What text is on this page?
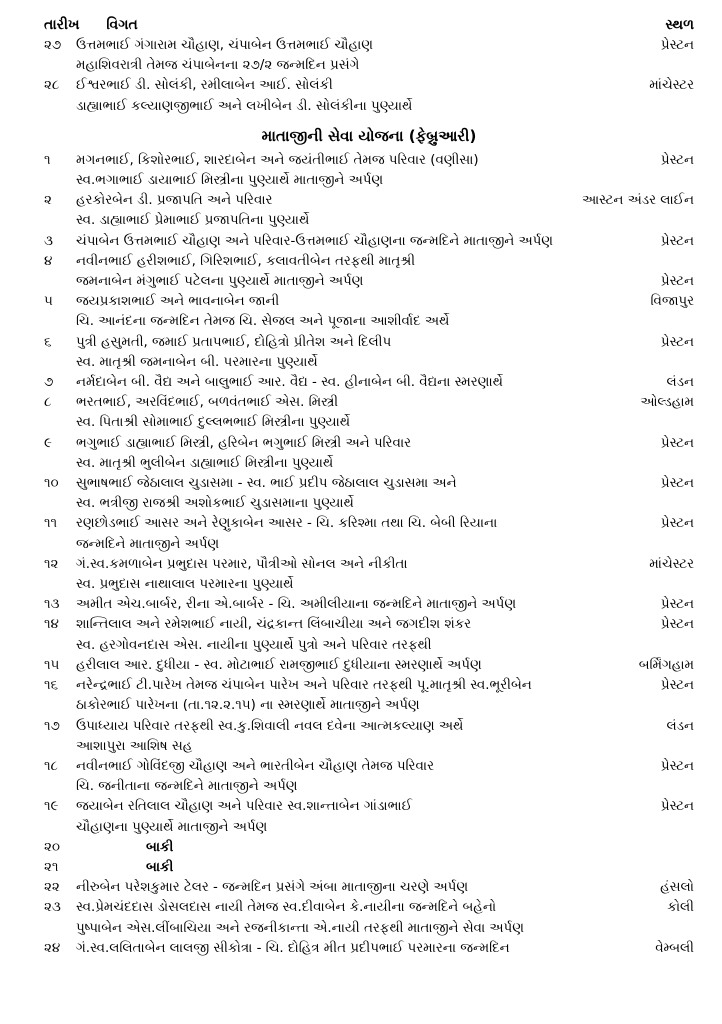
તારીખ વિગત	સ્થળ
૨૭	ઉત્તમભાઈ ગંગારામ ચૌહાણ, ચંપાબેન ઉત્તમભાઈ ચૌહાણ	પ્રેસ્ટન
મહાશિવરાત્રી તેમજ ચંપાબેનના ૨૭/૨ જન્મદિન પ્રસંગે
૨૮	ઈશ્વરભાઈ ડી. સોલંકી, રમીલાબેન આઈ. સોલંકી	માંચેસ્ટર
ડાહ્યાભાઈ કલ્યાણજીભાઈ અને લખીબેન ડી. સોલંકીના પુણ્યાર્થે
માતાજીની સેવા યોજના (ફેબ્રુઆરી)
૧	મગનભાઈ, કિશોરભાઈ, શારદાબેન અને જયંતીભાઈ તેમજ પરિવાર (વણીસા)	પ્રેસ્ટન
સ્વ.ભગાભાઈ ડાયાભાઈ મિસ્ત્રીના પુણ્યાર્થે માતાજીને અર્પણ
૨	હરકોરબેન ડી. પ્રજાપતિ અને પરિવાર	આસ્ટન અંડર લાઈન
સ્વ. ડાહ્યાભાઈ પ્રેમાભાઈ પ્રજાપતિના પુણ્યાર્થે
૩	ચંપાબેન ઉત્તમભાઈ ચૌહાણ અને પરિવાર-ઉત્તમભાઈ ચૌહાણના જન્મદિને માતાજીને અર્પણ	પ્રેસ્ટન
૪	નવીનભાઈ હરીશભાઈ, ગિરિશભાઈ, કલાવતીબેન તરફથી માતૃશ્રી
જમનાબેન મંગુભાઈ પટેલના પુણ્યાર્થે માતાજીને અર્પણ	પ્રેસ્ટન
૫	જયપ્રકાશભાઈ અને ભાવનાબેન જાની	વિજાપુર
ચિ. આનંદના જન્મદિન તેમજ ચિ. સેજલ અને પૂજાના આશીર્વાદ અર્થે
૬	પુત્રી હસુમતી, જમાઈ પ્રતાપભાઈ, દોહિત્રો પ્રીતેશ અને દિલીપ	પ્રેસ્ટન
સ્વ. માતૃશ્રી જમનાબેન બી. પરમારના પુણ્યાર્થે
૭	નર્મદાબેન બી. વૈદ્ય અને બાલુભાઈ આર. વૈદ્ય - સ્વ. હીનાબેન બી. વૈદ્યના સ્મરણાર્થે	લંડન
૮	ભરતભાઈ, અરવિંદભાઈ, બળવંતભાઈ એસ. મિસ્ત્રી	ઓલ્ડહામ
સ્વ. પિતાશ્રી સોમાભાઈ દુલ્લભભાઈ મિસ્ત્રીના પુણ્યાર્થે
૯	ભગુભાઈ ડાહ્યાભાઈ મિસ્ત્રી, હરિબેન ભગુભાઈ મિસ્ત્રી અને પરિવાર	પ્રેસ્ટન
સ્વ. માતૃશ્રી ભુલીબેન ડાહ્યાભાઈ મિસ્ત્રીના પુણ્યાર્થે
૧૦	સુભાષભાઈ જેઠાલાલ ચુડાસમા - સ્વ. ભાઈ પ્રદીપ જેઠાલાલ ચુડાસમા અને	પ્રેસ્ટન
સ્વ. ભત્રીજી રાજશ્રી અશોકભાઈ ચુડાસમાના પુણ્યાર્થે
૧૧	રણછોડભાઈ આસર અને રેણુકાબેન આસર - ચિ. કરિશ્મા તથા ચિ. બેબી રિયાના	પ્રેસ્ટન
જન્મદિને માતાજીને અર્પણ
૧૨	ગં.સ્વ.કમળાબેન પ્રભુદાસ પરમાર, પૌત્રીઓ સોનલ અને નીકીતા	માંચેસ્ટર
સ્વ. પ્રભુદાસ નાથાલાલ પરમારના પુણ્યાર્થે
૧૩	અમીત એચ.બાર્બર, રીના એ.બાર્બર - ચિ. અમીલીયાના જન્મદિને માતાજીને અર્પણ	પ્રેસ્ટન
૧૪	શાન્તિલાલ અને રમેશભાઈ નાયી, ચંદ્રકાન્ત લિંબાચીયા અને જગદીશ શંકર	પ્રેસ્ટન
સ્વ. હરગોવનદાસ એસ. નાયીના પુણ્યાર્થે પુત્રો અને પરિવાર તરફથી
૧૫	હરીલાલ આર. દુધીયા - સ્વ. મોટાભાઈ રામજીભાઈ દુધીયાના સ્મરણાર્થે અર્પણ	બર્મિંગહામ
૧૬	નરેન્દ્રભાઈ ટી.પારેખ તેમજ ચંપાબેન પારેખ અને પરિવાર તરફથી પૂ.માતૃશ્રી સ્વ.ભૂરીબેન	પ્રેસ્ટન
ઠાકોરભાઈ પારેખના (તા.૧૨.૨.૧૫) ના સ્મરણાર્થે માતાજીને અર્પણ
૧૭	ઉપાધ્યાય પરિવાર તરફથી સ્વ.કુ.શિવાલી નવલ દવેના આત્મકલ્યાણ અર્થે	લંડન
આશાપુરા આશિષ સહ
૧૮	નવીનભાઈ ગોવિંદજી ચૌહાણ અને ભારતીબેન ચૌહાણ તેમજ પરિવાર	પ્રેસ્ટન
ચિ. જનીતાના જન્મદિને માતાજીને અર્પણ
૧૯	જયાબેન રતિલાલ ચૌહાણ અને પરિવાર સ્વ.શાન્તાબેન ગાંડાભાઈ	પ્રેસ્ટન
ચૌહાણના પુણ્યાર્થે માતાજીને અર્પણ
૨૦	બાકી
૨૧	બાકી
૨૨	નીરુબેન પરેશકુમાર ટેલર - જન્મદિન પ્રસંગે અંબા માતાજીના ચરણે અર્પણ	હંસલો
૨૩	સ્વ.પ્રેમચંદદાસ ડોસલદાસ નાયી તેમજ સ્વ.દીવાબેન કે.નાયીના જન્મદિને બહેનો	કોલી
પુષ્પાબેન એસ.લીંબાચિયા અને રજનીકાન્તા એ.નાયી તરફથી માતાજીને સેવા અર્પણ
૨૪	ગં.સ્વ.લલિતાબેન લાલજી સીકોત્રા - ચિ. દોહિત્ર મીત પ્રદીપભાઈ પરમારના જન્મદિન	વેમ્બલી
